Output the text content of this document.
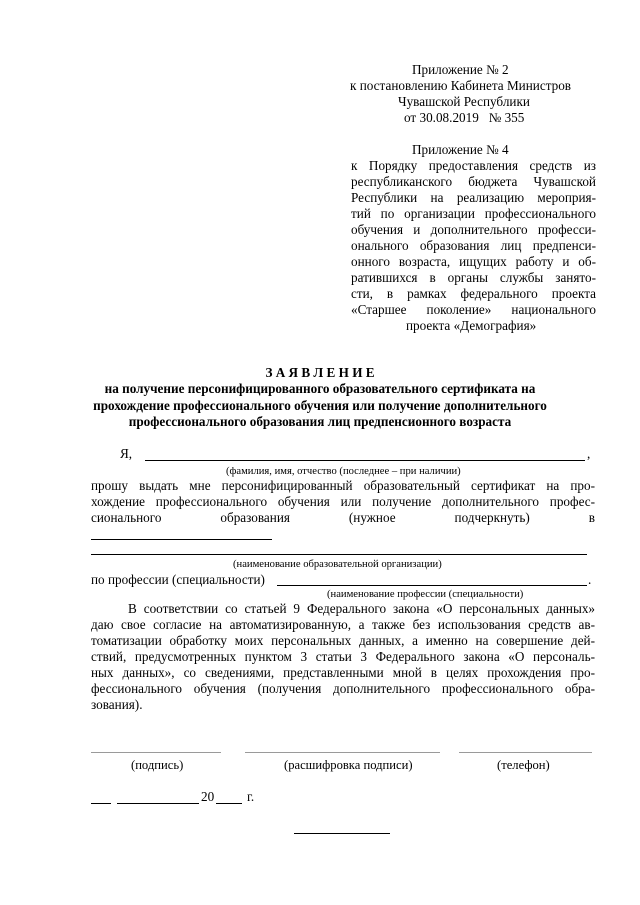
Приложение № 2
к постановлению Кабинета Министров
Чувашской Республики
от 30.08.2019   № 355
Приложение № 4
к Порядку предоставления средств из
республиканского бюджета Чувашской
Республики на реализацию мероприя-
тий по организации профессионального
обучения и дополнительного професси-
онального образования лиц предпенси-
онного возраста, ищущих работу и об-
ратившихся в органы службы занято-
сти, в рамках федерального проекта
«Старшее поколение» национального
проекта «Демография»
З А Я В Л Е Н И Е
на получение персонифицированного образовательного сертификата на
прохождение профессионального обучения или получение дополнительного
профессионального образования лиц предпенсионного возраста
Я,	,
(фамилия, имя, отчество (последнее – при наличии)
прошу выдать мне персонифицированный образовательный сертификат на про-
хождение профессионального обучения или получение дополнительного профес-
сионального образования (нужное подчеркнуть) в
(наименование образовательной организации)
по профессии (специальности)	.
(наименование профессии (специальности)
В соответствии со статьей 9 Федерального закона «О персональных данных»
даю свое согласие на автоматизированную, а также без использования средств ав-
томатизации обработку моих персональных данных, а именно на совершение дей-
ствий, предусмотренных пунктом 3 статьи 3 Федерального закона «О персональ-
ных данных», со сведениями, представленными мной в целях прохождения про-
фессионального обучения (получения дополнительного профессионального обра-
зования).
(подпись)	(расшифровка подписи)	(телефон)
20 г.
